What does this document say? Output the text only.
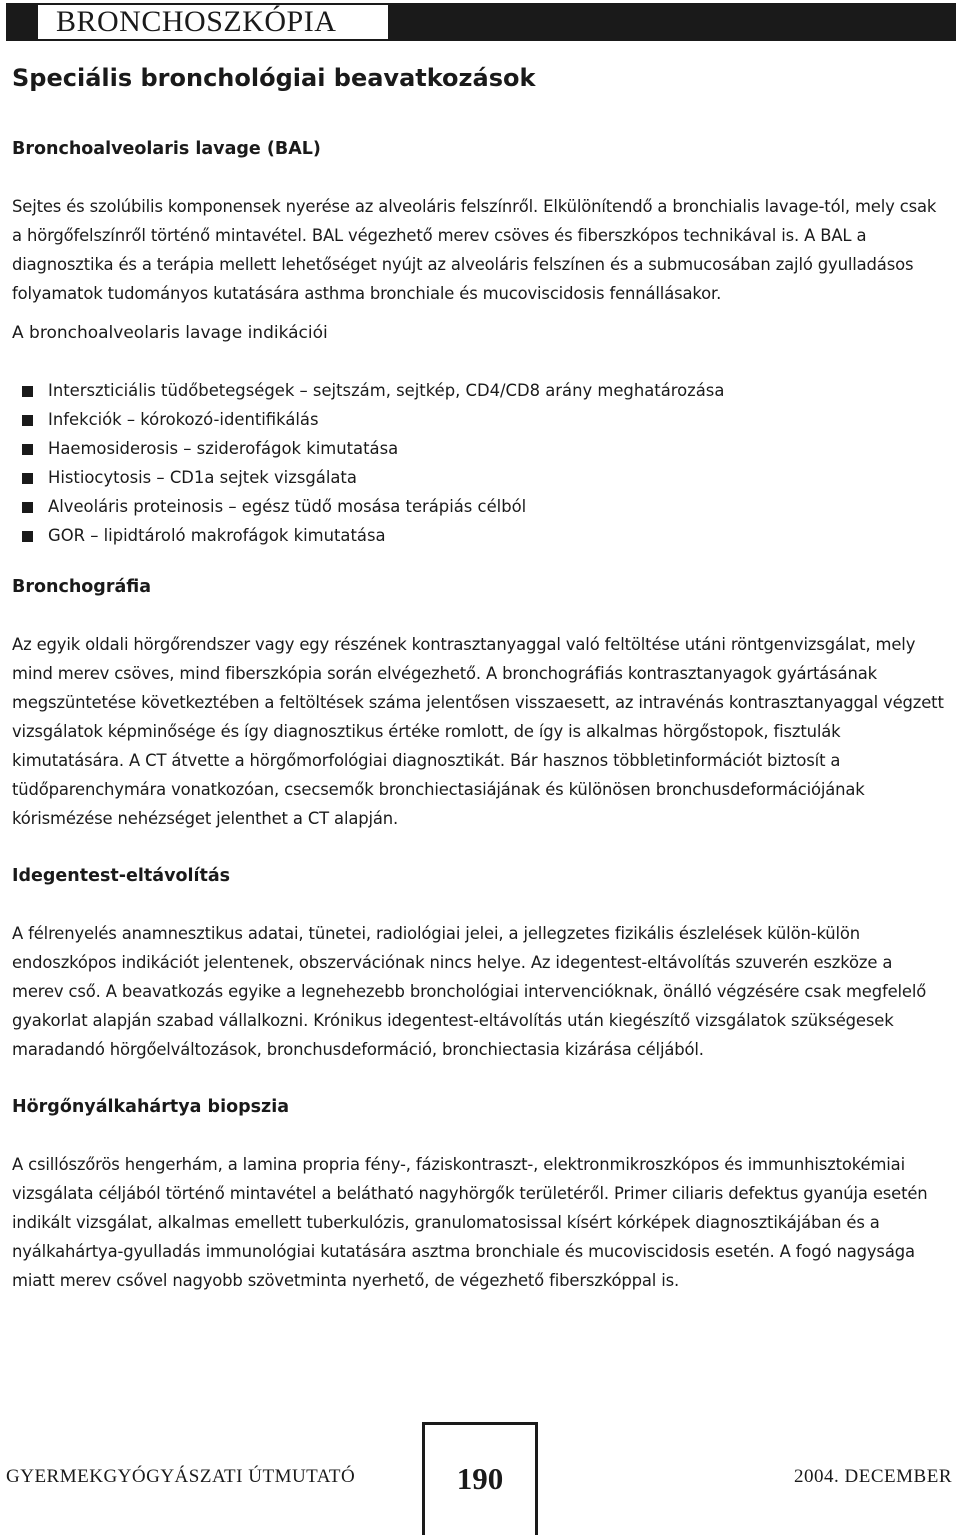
BRONCHOSZKÓPIA
Speciális bronchológiai beavatkozások
Bronchoalveolaris lavage (BAL)

Sejtes és szolúbilis komponensek nyerése az alveoláris felszínről. Elkülönítendő a bronchialis lavage-tól, mely csak a hörgőfelszínről történő mintavétel. BAL végezhető merev csöves és fiberszkópos technikával is. A BAL a diagnosztika és a terápia mellett lehetőséget nyújt az alveoláris felszínen és a submucosában zajló gyulladásos folyamatok tudományos kutatására asthma bronchiale és mucoviscidosis fennállásakor.

A bronchoalveolaris lavage indikációi

Interszticiális tüdőbetegségek – sejtszám, sejtkép, CD4/CD8 arány meghatározása
Infekciók – kórokozó-identifikálás
Haemosiderosis – sziderofágok kimutatása
Histiocytosis – CD1a sejtek vizsgálata
Alveoláris proteinosis – egész tüdő mosása terápiás célból
GOR – lipidtároló makrofágok kimutatása
Bronchográfia

Az egyik oldali hörgőrendszer vagy egy részének kontrasztanyaggal való feltöltése utáni röntgenvizsgálat, mely mind merev csöves, mind fiberszkópia során elvégezhető. A bronchográfiás kontrasztanyagok gyártásának megszüntetése következtében a feltöltések száma jelentősen visszaesett, az intravénás kontrasztanyaggal végzett vizsgálatok képminősége és így diagnosztikus értéke romlott, de így is alkalmas hörgőstopok, fisztulák kimutatására. A CT átvette a hörgőmorfológiai diagnosztikát. Bár hasznos többletinformációt biztosít a tüdőparenchymára vonatkozóan, csecsemők bronchiectasiájának és különösen bronchusdeformációjának kórismézése nehézséget jelenthet a CT alapján.

Idegentest-eltávolítás

A félrenyelés anamnesztikus adatai, tünetei, radiológiai jelei, a jellegzetes fizikális észlelések külön-külön endoszkópos indikációt jelentenek, obszervációnak nincs helye. Az idegentest-eltávolítás szuverén eszköze a merev cső. A beavatkozás egyike a legnehezebb bronchológiai intervencióknak, önálló végzésére csak megfelelő gyakorlat alapján szabad vállalkozni. Krónikus idegentest-eltávolítás után kiegészítő vizsgálatok szükségesek maradandó hörgőelváltozások, bronchusdeformáció, bronchiectasia kizárása céljából.

Hörgőnyálkahártya biopszia

A csillószőrös hengerhám, a lamina propria fény-, fáziskontraszt-, elektronmikroszkópos és immunhisztokémiai vizsgálata céljából történő mintavétel a belátható nagyhörgők területéről. Primer ciliaris defektus gyanúja esetén indikált vizsgálat, alkalmas emellett tuberkulózis, granulomatosissal kísért kórképek diagnosztikájában és a nyálkahártya-gyulladás immunológiai kutatására asztma bronchiale és mucoviscidosis esetén. A fogó nagysága miatt merev csővel nagyobb szövetminta nyerhető, de végezhető fiberszkóppal is.

GYERMEKGYÓGYÁSZATI ÚTMUTATÓ	190	2004. DECEMBER
